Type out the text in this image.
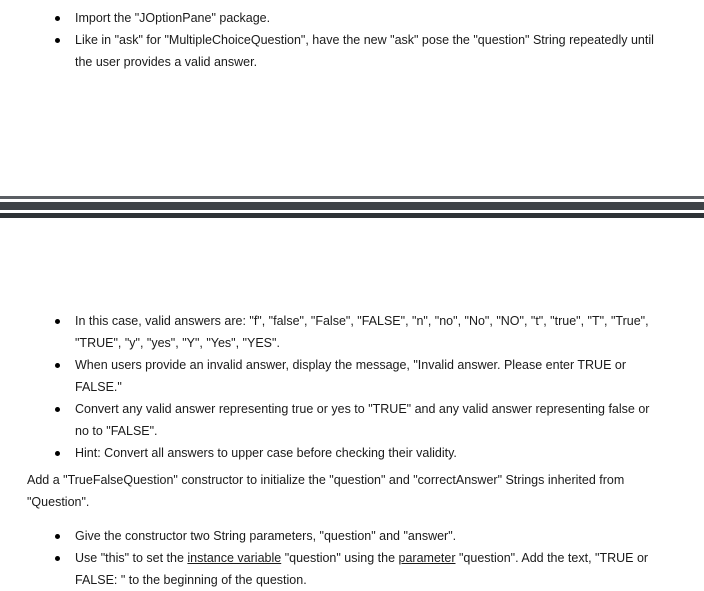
Import the "JOptionPane" package.
Like in "ask" for "MultipleChoiceQuestion", have the new "ask" pose the "question" String repeatedly until the user provides a valid answer.
In this case, valid answers are: "f", "false", "False", "FALSE", "n", "no", "No", "NO", "t", "true", "T", "True", "TRUE", "y", "yes", "Y", "Yes", "YES".
When users provide an invalid answer, display the message, "Invalid answer. Please enter TRUE or FALSE."
Convert any valid answer representing true or yes to "TRUE" and any valid answer representing false or no to "FALSE".
Hint: Convert all answers to upper case before checking their validity.
Add a "TrueFalseQuestion" constructor to initialize the "question" and "correctAnswer" Strings inherited from "Question".
Give the constructor two String parameters, "question" and "answer".
Use "this" to set the instance variable "question" using the parameter "question". Add the text, "TRUE or FALSE: " to the beginning of the question.
